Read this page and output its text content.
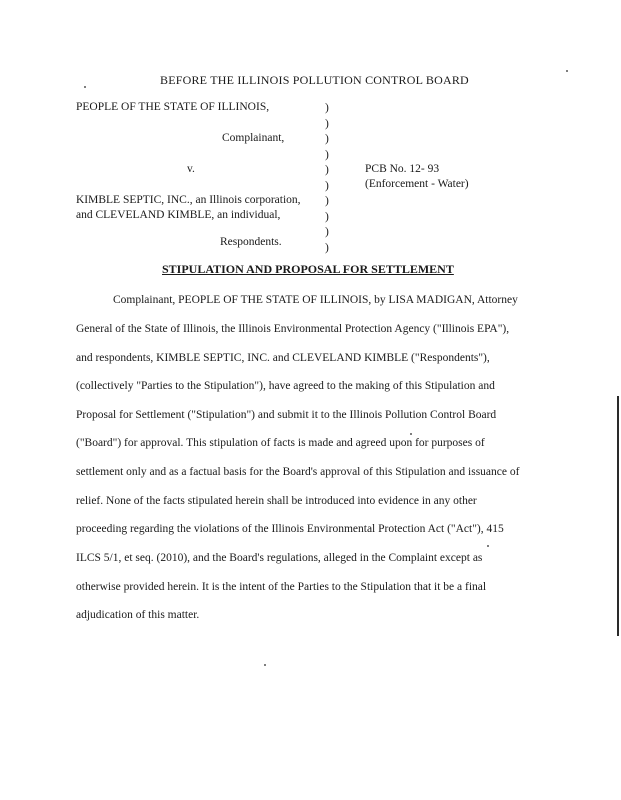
BEFORE THE ILLINOIS POLLUTION CONTROL BOARD
PEOPLE OF THE STATE OF ILLINOIS,
Complainant,
v.
KIMBLE SEPTIC, INC., an Illinois corporation,
and CLEVELAND KIMBLE, an individual,
Respondents.
)
)
)
)
)
)
)
)
)
)
PCB No. 12- 93
(Enforcement - Water)
STIPULATION AND PROPOSAL FOR SETTLEMENT
Complainant, PEOPLE OF THE STATE OF ILLINOIS, by LISA MADIGAN, Attorney
General of the State of Illinois, the Illinois Environmental Protection Agency ("Illinois EPA"),
and respondents, KIMBLE SEPTIC, INC. and CLEVELAND KIMBLE ("Respondents"),
(collectively "Parties to the Stipulation"), have agreed to the making of this Stipulation and
Proposal for Settlement ("Stipulation") and submit it to the Illinois Pollution Control Board
("Board") for approval. This stipulation of facts is made and agreed upon for purposes of
settlement only and as a factual basis for the Board's approval of this Stipulation and issuance of
relief. None of the facts stipulated herein shall be introduced into evidence in any other
proceeding regarding the violations of the Illinois Environmental Protection Act ("Act"), 415
ILCS 5/1, et seq. (2010), and the Board's regulations, alleged in the Complaint except as
otherwise provided herein. It is the intent of the Parties to the Stipulation that it be a final
adjudication of this matter.
